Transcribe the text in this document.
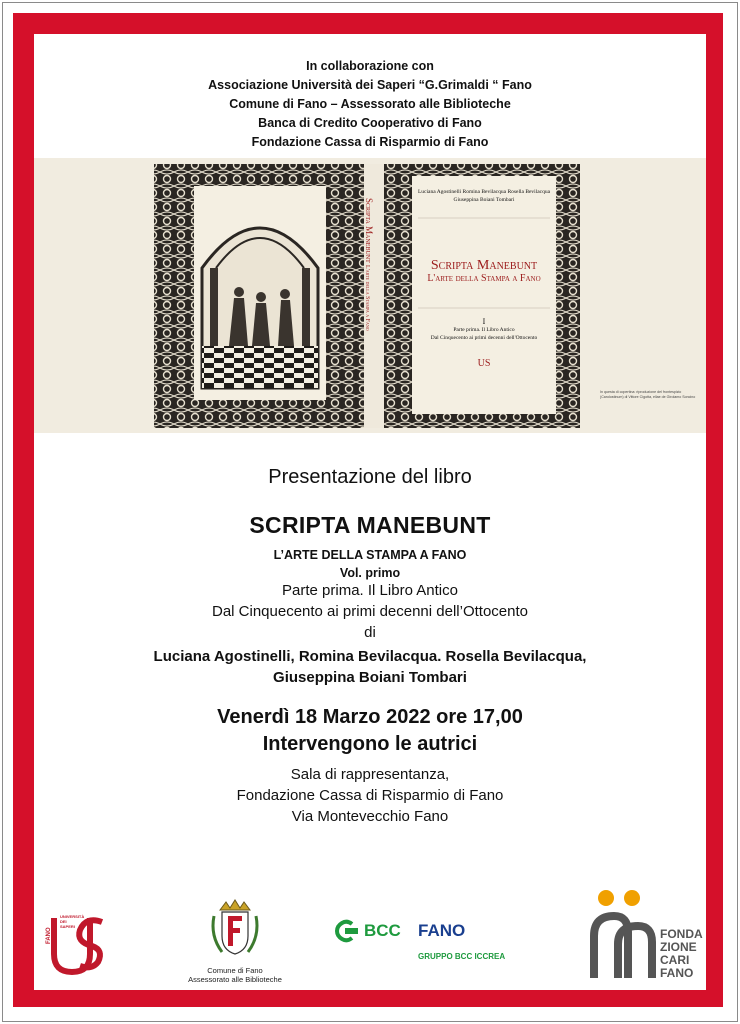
In collaborazione con
Associazione Università dei Saperi “G.Grimaldi “ Fano
Comune di Fano – Assessorato alle Biblioteche
Banca di Credito Cooperativo di Fano
Fondazione Cassa di Risparmio di Fano
Luciana Agostinelli Romina Bevilacqua Rosella Bevilacqua
Giuseppina Boiani Tombari
Scripta Manebunt
L'arte della Stampa a Fano
I
Parte prima. Il Libro Antico
Dal Cinquecento ai primi decenni dell'Ottocento
US
Scripta Manebunt L'arte della Stampa a Fano
In questa di copertina: riproduzione del frontespizio (Carolostinum) di Vittore Cigotta, ellae de Girolamo Soncino
Presentazione del libro
SCRIPTA MANEBUNT
L’ARTE DELLA STAMPA A FANO
Vol. primo
Parte prima. Il Libro Antico
Dal Cinquecento ai primi decenni dell’Ottocento
di
Luciana Agostinelli, Romina Bevilacqua. Rosella Bevilacqua,
Giuseppina Boiani Tombari
Venerdì 18 Marzo 2022 ore 17,00
Intervengono le autrici
Sala di rappresentanza,
Fondazione Cassa di Risparmio di Fano
Via Montevecchio Fano
FANO
UNIVERSITÀ
DEI
SAPERI
Comune di Fano
Assessorato alle Biblioteche
BCC FANO
GRUPPO BCC ICCREA
FONDA
ZIONE
CARI
FANO
